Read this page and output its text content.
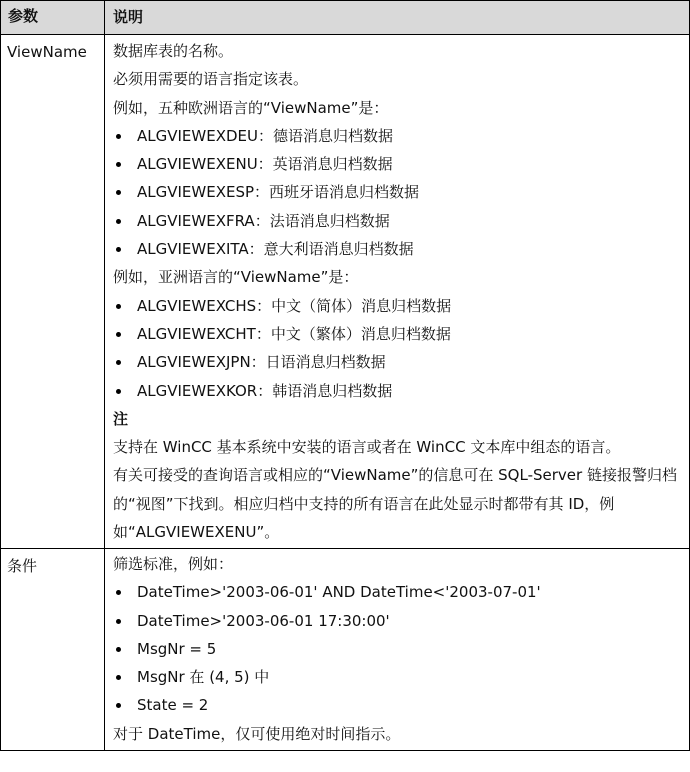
参数	说明
ViewName	数据库表的名称。
必须用需要的语言指定该表。
例如，五种欧洲语言的“ViewName”是：
ALGVIEWEXDEU：德语消息归档数据
ALGVIEWEXENU：英语消息归档数据
ALGVIEWEXESP：西班牙语消息归档数据
ALGVIEWEXFRA：法语消息归档数据
ALGVIEWEXITA：意大利语消息归档数据
例如，亚洲语言的“ViewName”是：
ALGVIEWEXCHS：中文（简体）消息归档数据
ALGVIEWEXCHT：中文（繁体）消息归档数据
ALGVIEWEXJPN：日语消息归档数据
ALGVIEWEXKOR：韩语消息归档数据
注
支持在 WinCC 基本系统中安装的语言或者在 WinCC 文本库中组态的语言。
有关可接受的查询语言或相应的“ViewName”的信息可在 SQL-Server 链接报警归档的“视图”下找到。相应归档中支持的所有语言在此处显示时都带有其 ID，例如“ALGVIEWEXENU”。
条件	筛选标准，例如：
DateTime>'2003-06-01' AND DateTime<'2003-07-01'
DateTime>'2003-06-01 17:30:00'
MsgNr = 5
MsgNr 在 (4, 5) 中
State = 2
对于 DateTime，仅可使用绝对时间指示。
